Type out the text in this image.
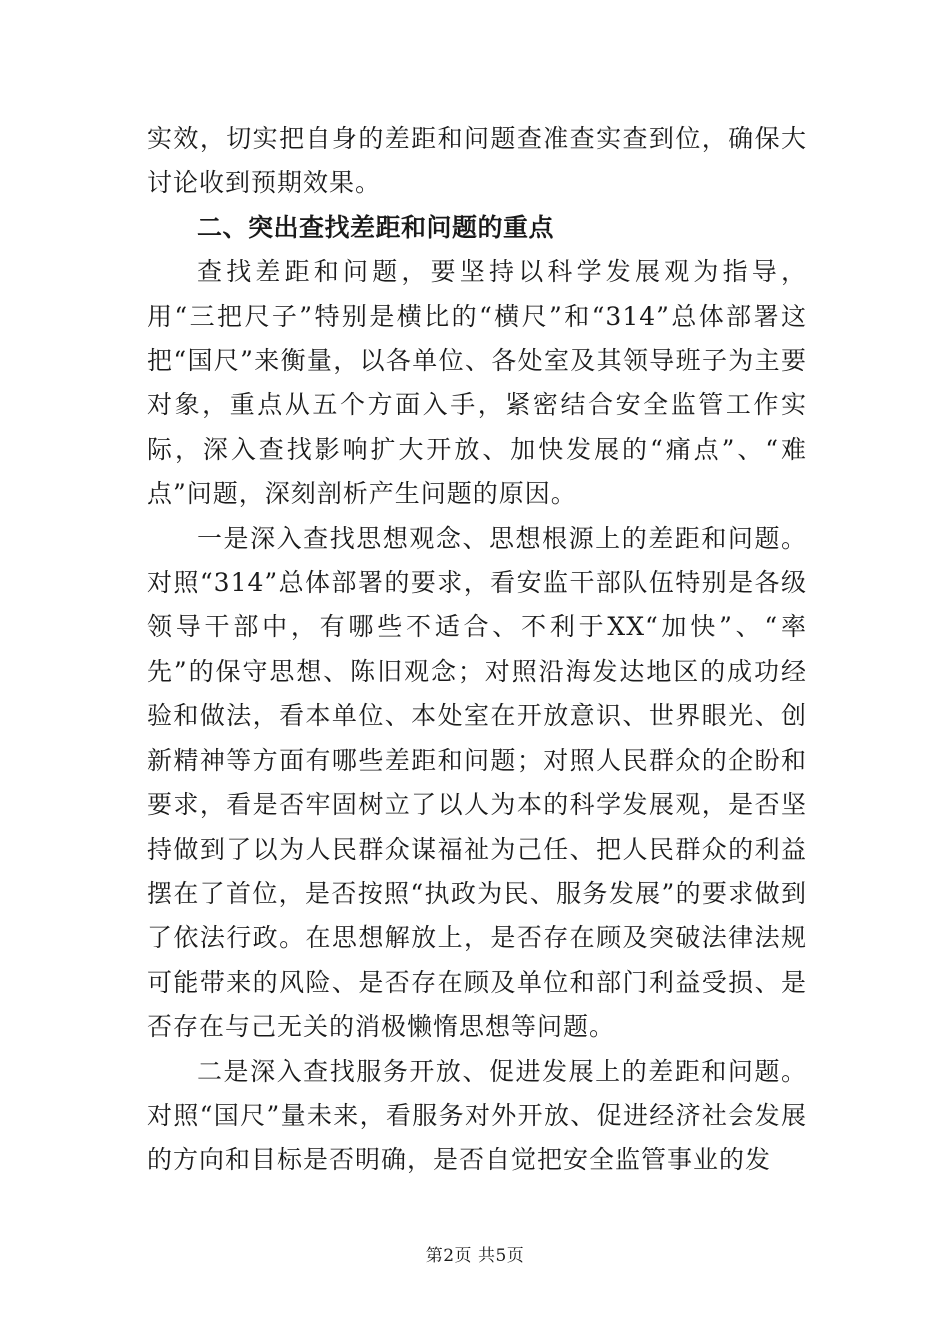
实效，切实把自身的差距和问题查准查实查到位，确保大讨论收到预期效果。

二、突出查找差距和问题的重点

查找差距和问题，要坚持以科学发展观为指导，用“三把尺子”特别是横比的“横尺”和“314”总体部署这把“国尺”来衡量，以各单位、各处室及其领导班子为主要对象，重点从五个方面入手，紧密结合安全监管工作实际，深入查找影响扩大开放、加快发展的“痛点”、“难点”问题，深刻剖析产生问题的原因。

一是深入查找思想观念、思想根源上的差距和问题。对照“314”总体部署的要求，看安监干部队伍特别是各级领导干部中，有哪些不适合、不利于XX“加快”、“率先”的保守思想、陈旧观念；对照沿海发达地区的成功经验和做法，看本单位、本处室在开放意识、世界眼光、创新精神等方面有哪些差距和问题；对照人民群众的企盼和要求，看是否牢固树立了以人为本的科学发展观，是否坚持做到了以为人民群众谋福祉为己任、把人民群众的利益摆在了首位，是否按照“执政为民、服务发展”的要求做到了依法行政。在思想解放上，是否存在顾及突破法律法规可能带来的风险、是否存在顾及单位和部门利益受损、是否存在与己无关的消极懒惰思想等问题。

二是深入查找服务开放、促进发展上的差距和问题。对照“国尺”量未来，看服务对外开放、促进经济社会发展的方向和目标是否明确，是否自觉把安全监管事业的发

第2页 共5页
